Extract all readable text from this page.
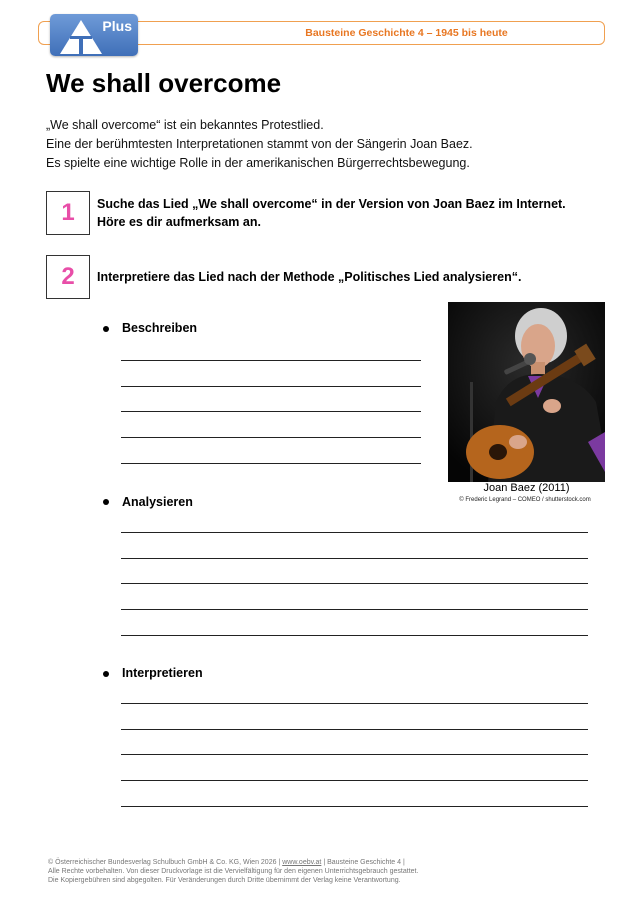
Bausteine Geschichte 4 – 1945 bis heute
Plus
We shall overcome
„We shall overcome“ ist ein bekanntes Protestlied.
Eine der berühmtesten Interpretationen stammt von der Sängerin Joan Baez.
Es spielte eine wichtige Rolle in der amerikanischen Bürgerrechtsbewegung.
1	Suche das Lied „We shall overcome“ in der Version von Joan Baez im Internet.
Höre es dir aufmerksam an.
2	Interpretiere das Lied nach der Methode „Politisches Lied analysieren“.
Beschreiben
Joan Baez (2011)
© Frederic Legrand – COMEO / shutterstock.com
Analysieren
Interpretieren
© Österreichischer Bundesverlag Schulbuch GmbH & Co. KG, Wien 2026 | www.oebv.at | Bausteine Geschichte 4 |
Alle Rechte vorbehalten. Von dieser Druckvorlage ist die Vervielfältigung für den eigenen Unterrichtsgebrauch gestattet.
Die Kopiergebühren sind abgegolten. Für Veränderungen durch Dritte übernimmt der Verlag keine Verantwortung.
